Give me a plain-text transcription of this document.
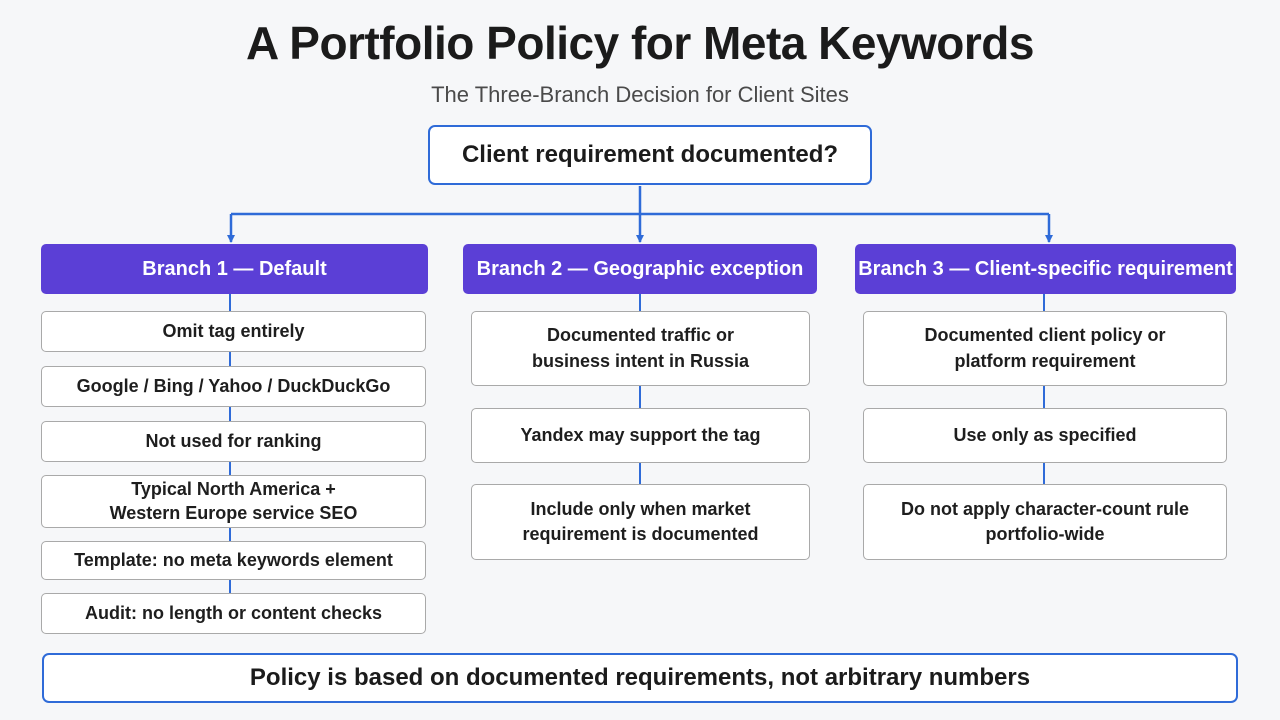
A Portfolio Policy for Meta Keywords
The Three-Branch Decision for Client Sites
Client requirement documented?
Branch 1 — Default
Omit tag entirely
Google / Bing / Yahoo / DuckDuckGo
Not used for ranking
Typical North America +
Western Europe service SEO
Template: no meta keywords element
Audit: no length or content checks
Branch 2 — Geographic exception
Documented traffic or
business intent in Russia
Yandex may support the tag
Include only when market
requirement is documented
Branch 3 — Client-specific requirement
Documented client policy or
platform requirement
Use only as specified
Do not apply character-count rule
portfolio-wide
Policy is based on documented requirements, not arbitrary numbers
